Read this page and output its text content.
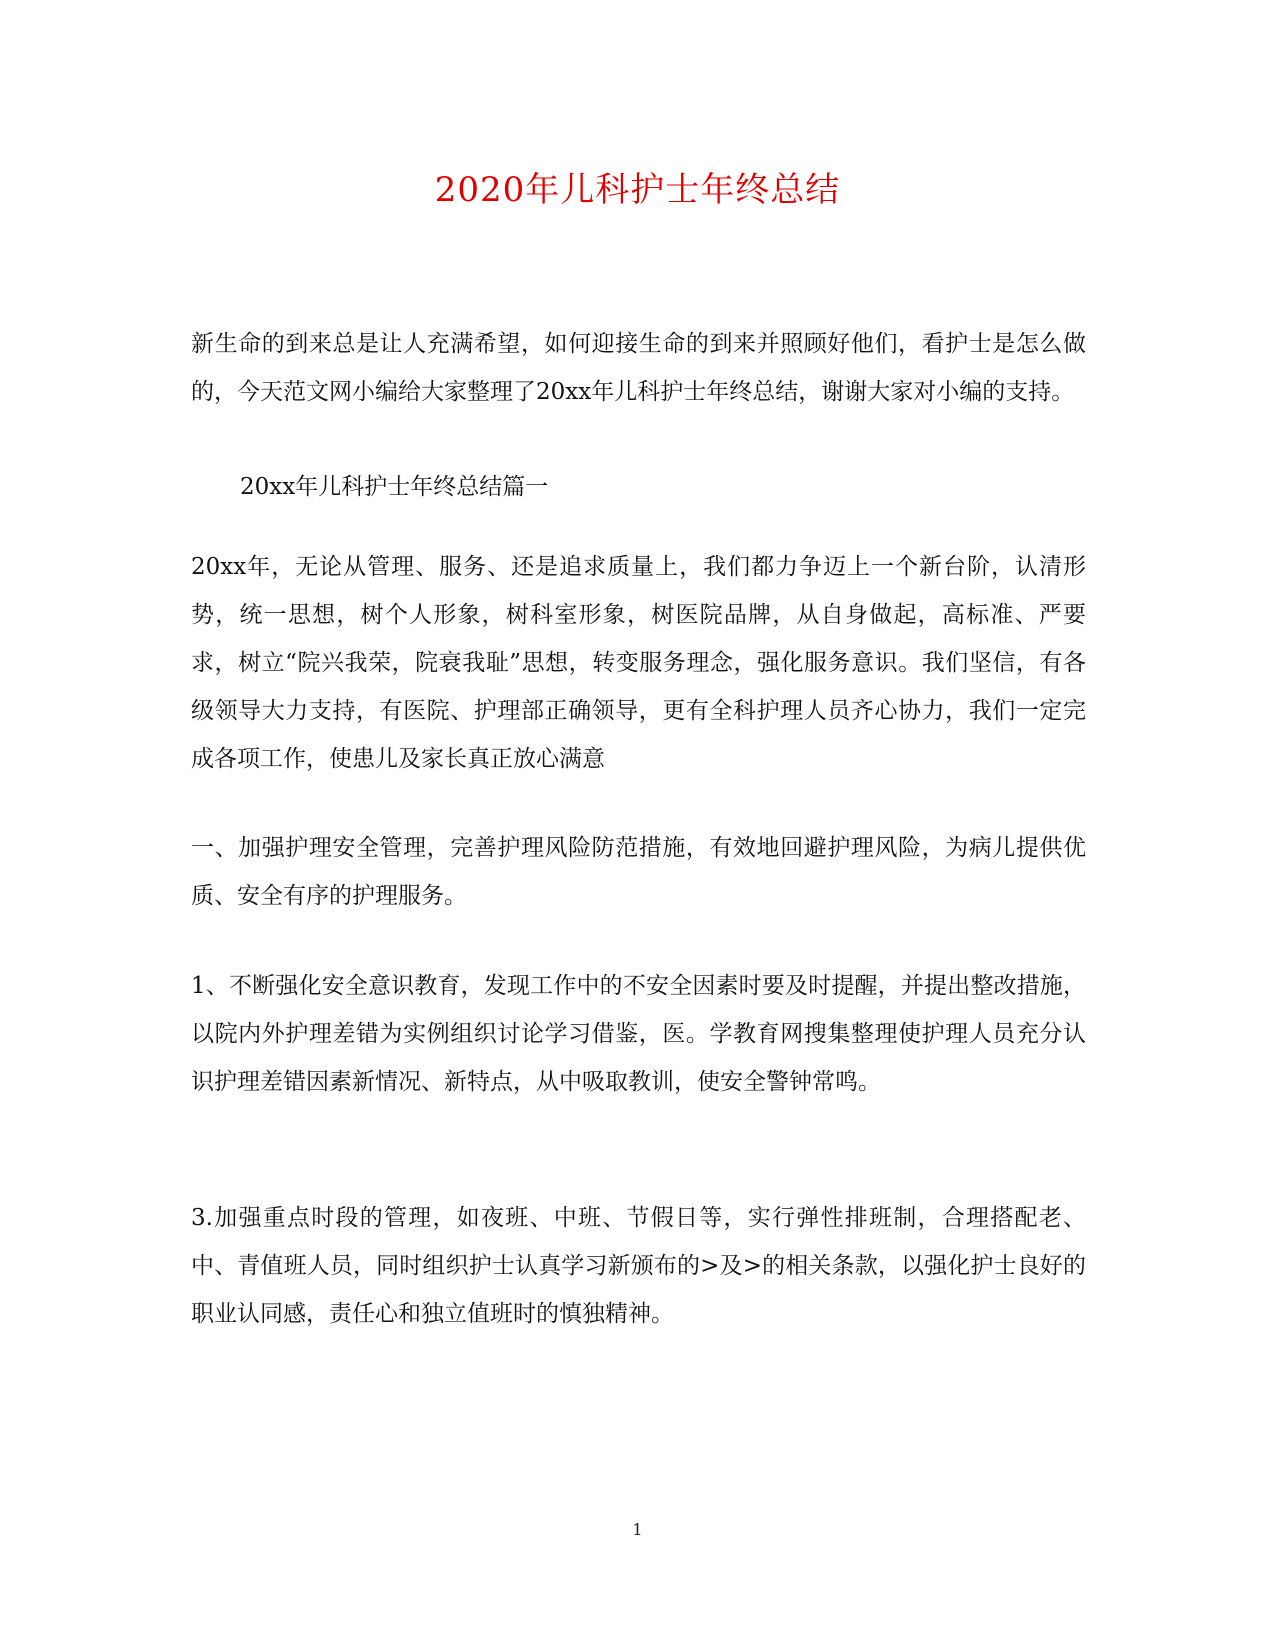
2020年儿科护士年终总结

新生命的到来总是让人充满希望，如何迎接生命的到来并照顾好他们，看护士是怎么做的，今天范文网小编给大家整理了20xx年儿科护士年终总结，谢谢大家对小编的支持。

20xx年儿科护士年终总结篇一

20xx年，无论从管理、服务、还是追求质量上，我们都力争迈上一个新台阶，认清形势，统一思想，树个人形象，树科室形象，树医院品牌，从自身做起，高标准、严要求，树立“院兴我荣，院衰我耻”思想，转变服务理念，强化服务意识。我们坚信，有各级领导大力支持，有医院、护理部正确领导，更有全科护理人员齐心协力，我们一定完成各项工作，使患儿及家长真正放心满意

一、加强护理安全管理，完善护理风险防范措施，有效地回避护理风险，为病儿提供优质、安全有序的护理服务。

1、不断强化安全意识教育，发现工作中的不安全因素时要及时提醒，并提出整改措施，以院内外护理差错为实例组织讨论学习借鉴，医。学教育网搜集整理使护理人员充分认识护理差错因素新情况、新特点，从中吸取教训，使安全警钟常鸣。

3.加强重点时段的管理，如夜班、中班、节假日等，实行弹性排班制，合理搭配老、中、青值班人员，同时组织护士认真学习新颁布的>及>的相关条款，以强化护士良好的职业认同感，责任心和独立值班时的慎独精神。

1
